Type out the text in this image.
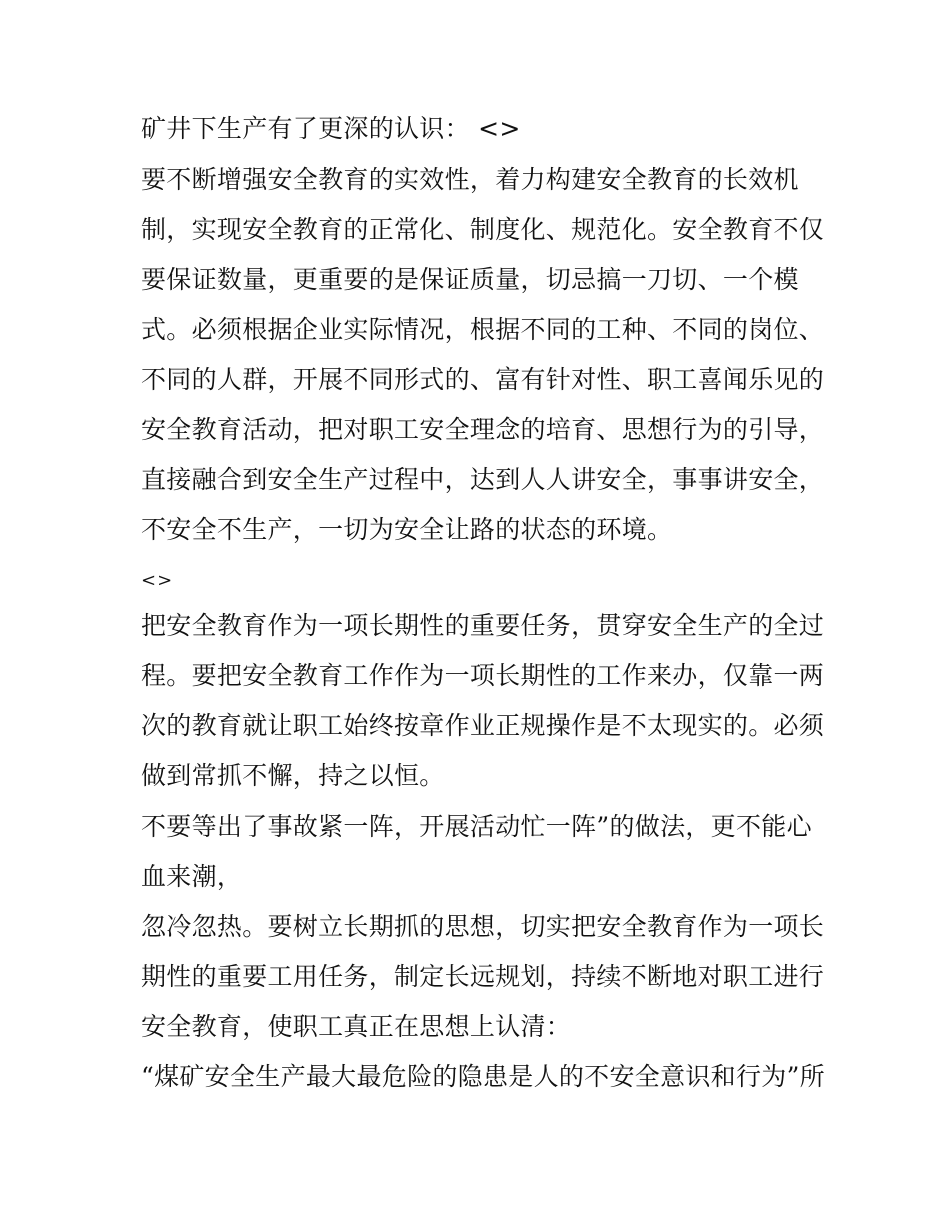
矿井下生产有了更深的认识： <>
要不断增强安全教育的实效性，着力构建安全教育的长效机
制，实现安全教育的正常化、制度化、规范化。安全教育不仅
要保证数量，更重要的是保证质量，切忌搞一刀切、一个模
式。必须根据企业实际情况，根据不同的工种、不同的岗位、
不同的人群，开展不同形式的、富有针对性、职工喜闻乐见的
安全教育活动，把对职工安全理念的培育、思想行为的引导，
直接融合到安全生产过程中，达到人人讲安全，事事讲安全，
不安全不生产，一切为安全让路的状态的环境。
<>
把安全教育作为一项长期性的重要任务，贯穿安全生产的全过
程。要把安全教育工作作为一项长期性的工作来办，仅靠一两
次的教育就让职工始终按章作业正规操作是不太现实的。必须
做到常抓不懈，持之以恒。
不要等出了事故紧一阵，开展活动忙一阵”的做法，更不能心
血来潮，
忽冷忽热。要树立长期抓的思想，切实把安全教育作为一项长
期性的重要工用任务，制定长远规划，持续不断地对职工进行
安全教育，使职工真正在思想上认清：
“煤矿安全生产最大最危险的隐患是人的不安全意识和行为”所
